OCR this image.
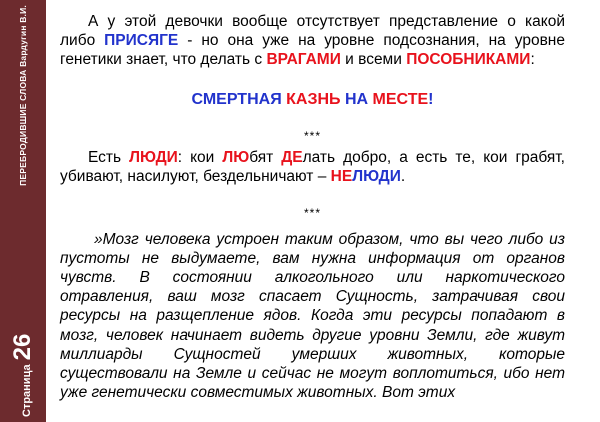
Страница
26
ПЕРЕБРОДИВШИЕ СЛОВА Вардугин В.И.	А у этой девочки вообще отсутствует представление о какой либо ПРИСЯГЕ - но она уже на уровне подсознания, на уровне генетики знает, что делать с ВРАГАМИ и всеми ПОСОБНИКАМИ:

СМЕРТНАЯ КАЗНЬ НА МЕСТЕ!

***

Есть ЛЮДИ: кои ЛЮбят ДЕлать добро, а есть те, кои грабят, убивают, насилуют, бездельничают – НЕЛЮДИ.

***

»Мозг человека устроен таким образом, что вы чего либо из пустоты не выдумаете, вам нужна информация от органов чувств. В состоянии алкогольного или наркотического отравления, ваш мозг спасает Сущность, затрачивая свои ресурсы на разщепление ядов. Когда эти ресурсы попадают в мозг, человек начинает видеть другие уровни Земли, где живут миллиарды Сущностей умерших животных, которые существовали на Земле и сейчас не могут воплотиться, ибо нет уже генетически совместимых животных. Вот этих
